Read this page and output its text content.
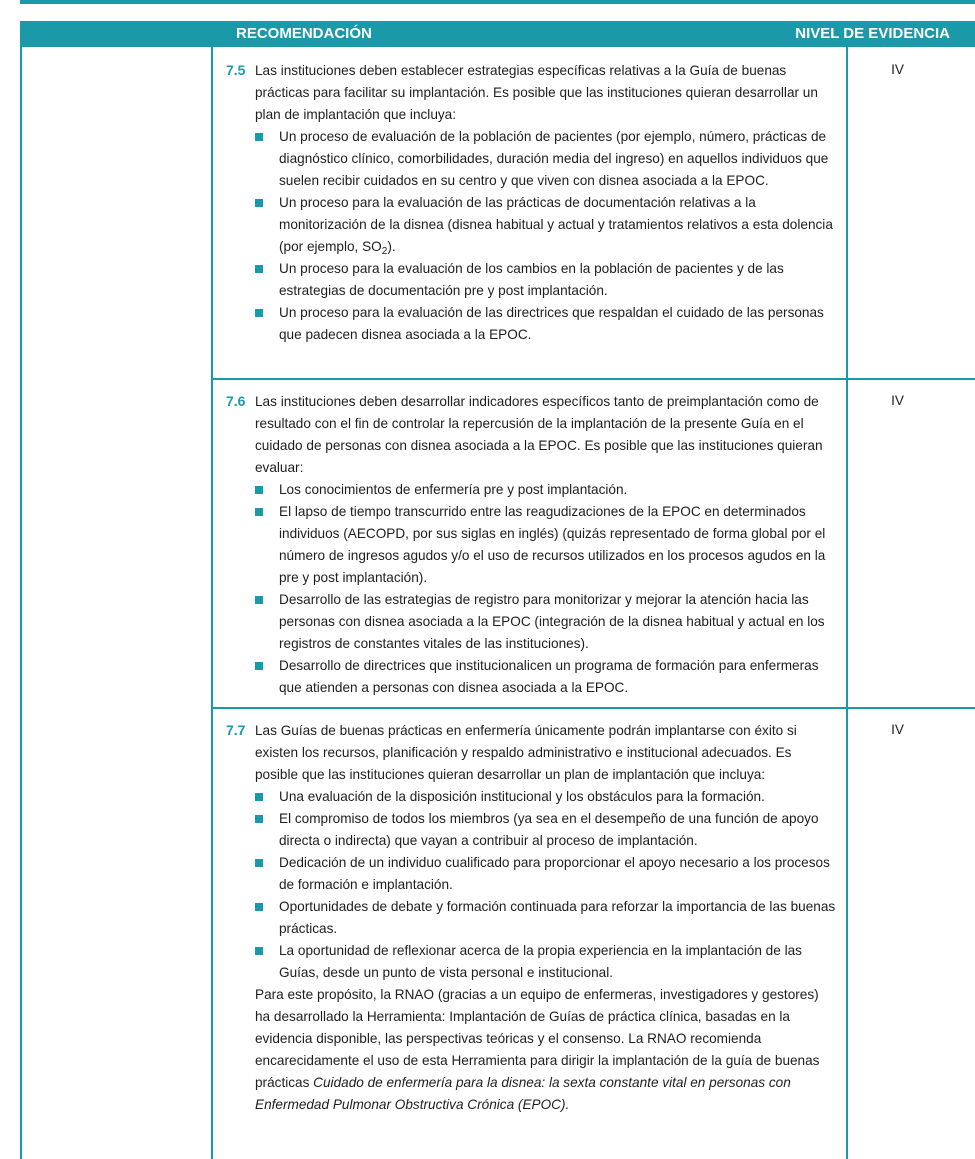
RECOMENDACIÓN	NIVEL DE EVIDENCIA

7.5 Las instituciones deben establecer estrategias específicas relativas a la Guía de buenas prácticas para facilitar su implantación. Es posible que las instituciones quieran desarrollar un plan de implantación que incluya:

Un proceso de evaluación de la población de pacientes (por ejemplo, número, prácticas de diagnóstico clínico, comorbilidades, duración media del ingreso) en aquellos individuos que suelen recibir cuidados en su centro y que viven con disnea asociada a la EPOC.
Un proceso para la evaluación de las prácticas de documentación relativas a la monitorización de la disnea (disnea habitual y actual y tratamientos relativos a esta dolencia (por ejemplo, $SO_2$).
Un proceso para la evaluación de los cambios en la población de pacientes y de las estrategias de documentación pre y post implantación.
Un proceso para la evaluación de las directrices que respaldan el cuidado de las personas que padecen disnea asociada a la EPOC.
IV

7.6 Las instituciones deben desarrollar indicadores específicos tanto de preimplantación como de resultado con el fin de controlar la repercusión de la implantación de la presente Guía en el cuidado de personas con disnea asociada a la EPOC. Es posible que las instituciones quieran evaluar:

Los conocimientos de enfermería pre y post implantación.
El lapso de tiempo transcurrido entre las reagudizaciones de la EPOC en determinados individuos (AECOPD, por sus siglas en inglés) (quizás representado de forma global por el número de ingresos agudos y/o el uso de recursos utilizados en los procesos agudos en la pre y post implantación).
Desarrollo de las estrategias de registro para monitorizar y mejorar la atención hacia las personas con disnea asociada a la EPOC (integración de la disnea habitual y actual en los registros de constantes vitales de las instituciones).
Desarrollo de directrices que institucionalicen un programa de formación para enfermeras que atienden a personas con disnea asociada a la EPOC.
IV

7.7 Las Guías de buenas prácticas en enfermería únicamente podrán implantarse con éxito si existen los recursos, planificación y respaldo administrativo e institucional adecuados. Es posible que las instituciones quieran desarrollar un plan de implantación que incluya:

Una evaluación de la disposición institucional y los obstáculos para la formación.
El compromiso de todos los miembros (ya sea en el desempeño de una función de apoyo directa o indirecta) que vayan a contribuir al proceso de implantación.
Dedicación de un individuo cualificado para proporcionar el apoyo necesario a los procesos de formación e implantación.
Oportunidades de debate y formación continuada para reforzar la importancia de las buenas prácticas.
La oportunidad de reflexionar acerca de la propia experiencia en la implantación de las Guías, desde un punto de vista personal e institucional.

Para este propósito, la RNAO (gracias a un equipo de enfermeras, investigadores y gestores) ha desarrollado la Herramienta: Implantación de Guías de práctica clínica, basadas en la evidencia disponible, las perspectivas teóricas y el consenso. La RNAO recomienda encarecidamente el uso de esta Herramienta para dirigir la implantación de la guía de buenas prácticas Cuidado de enfermería para la disnea: la sexta constante vital en personas con Enfermedad Pulmonar Obstructiva Crónica (EPOC).

IV
